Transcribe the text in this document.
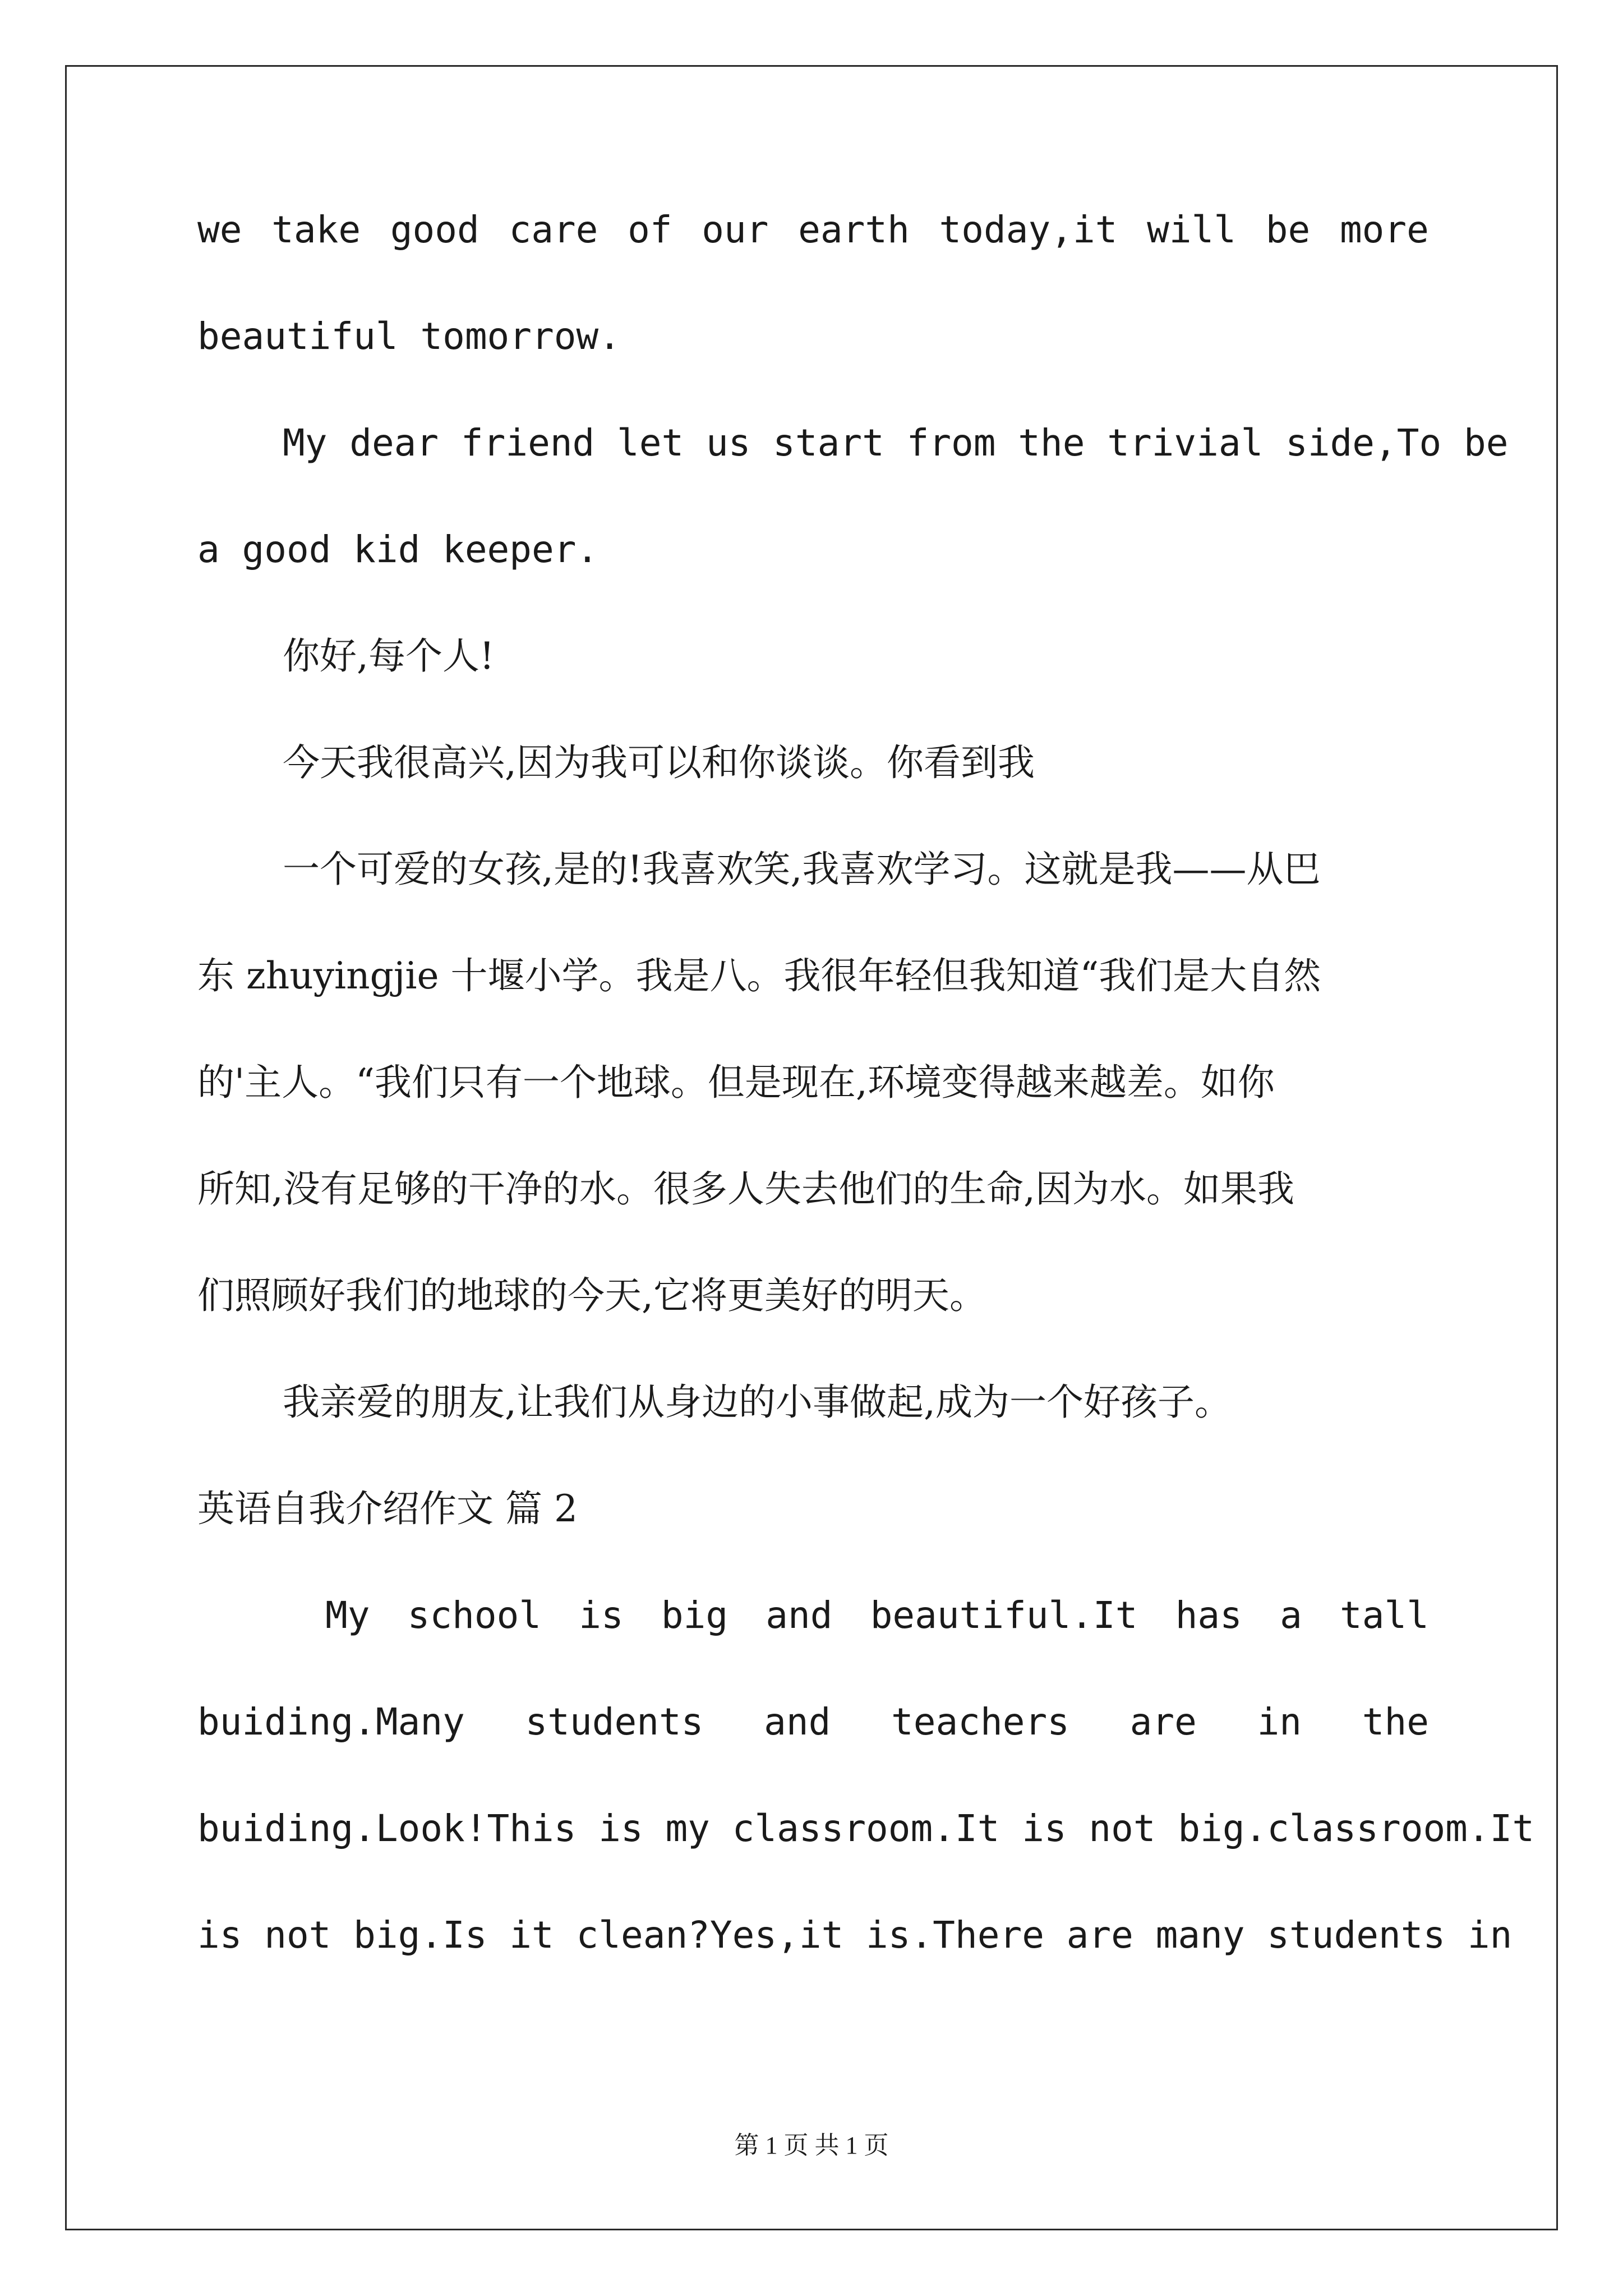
we take good care of our earth today,it will be more
beautiful tomorrow.
My dear friend let us start from the trivial side,To be
a good kid keeper.
你好,每个人!
今天我很高兴,因为我可以和你谈谈。你看到我
一个可爱的女孩,是的!我喜欢笑,我喜欢学习。这就是我——从巴
东 zhuyingjie 十堰小学。我是八。我很年轻但我知道“我们是大自然
的'主人。“我们只有一个地球。但是现在,环境变得越来越差。如你
所知,没有足够的干净的水。很多人失去他们的生命,因为水。如果我
们照顾好我们的地球的今天,它将更美好的明天。
我亲爱的朋友,让我们从身边的小事做起,成为一个好孩子。
英语自我介绍作文 篇 2
My school is big and beautiful.It has a tall
buiding.Many students and teachers are in the
buiding.Look!This is my classroom.It is not big.classroom.It
is not big.Is it clean?Yes,it is.There are many students in
第 1 页 共 1 页
